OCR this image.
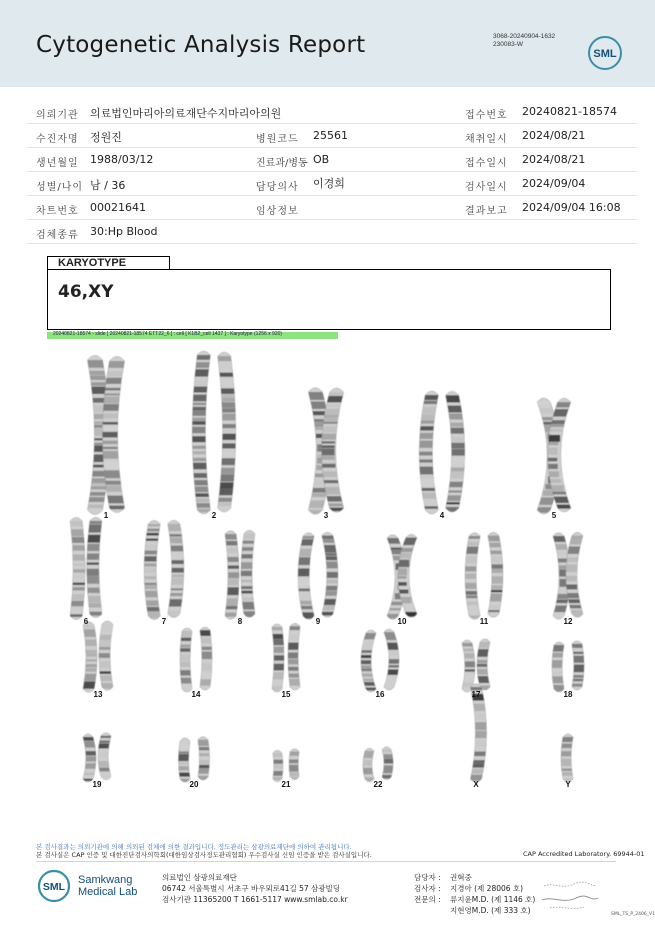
Cytogenetic Analysis Report	3068-20240904-1632
230083-W
SML
의뢰기관 의료법인마리아의료재단수지마리아의원	접수번호 20240821-18574
수진자명 정원진	병원코드 25561	채취일시 2024/08/21
생년월일 1988/03/12	진료과/병동 OB	접수일시 2024/08/21
성별/나이 남 / 36	담당의사 이경희	검사일시 2024/09/04
차트번호 00021641	임상정보	결과보고 2024/09/04 16:08
검체종류 30:Hp Blood
KARYOTYPE
46,XY
20240821-18574 - slide [ 20240821-18574 ETT22_6 ] : cell [ K1B2_cell 1437 ] : Karyotype (1256 x 920)
1	2	3	4	5
6	7	8	9	10	11	12
13	14	15	16	17	18
19	20	21	22	X	Y
본 검사결과는 의뢰기관에 의해 의뢰된 검체에 의한 결과입니다. 정도관리는 삼광의료재단에 의하여 관리됩니다.
본 검사실은 CAP 인증 및 대한진단검사의학회(대한임상검사정도관리협회) 우수검사실 신임 인증을 받은 검사실입니다.	CAP Accredited Laboratory. 69944-01
SML
Samkwang
Medical Lab
의료법인 삼광의료재단
06742 서울특별시 서초구 바우뫼로41길 57 삼광빌딩
검사기관 11365200 T 1661-5117 www.smlab.co.kr
담당자 : 권혁중
검사자 : 지경아 (제 28006 호)
전문의 : 류지윤M.D. (제 1146 호)
지현영M.D. (제 333 호)	SML_TS_P_2406_V1
